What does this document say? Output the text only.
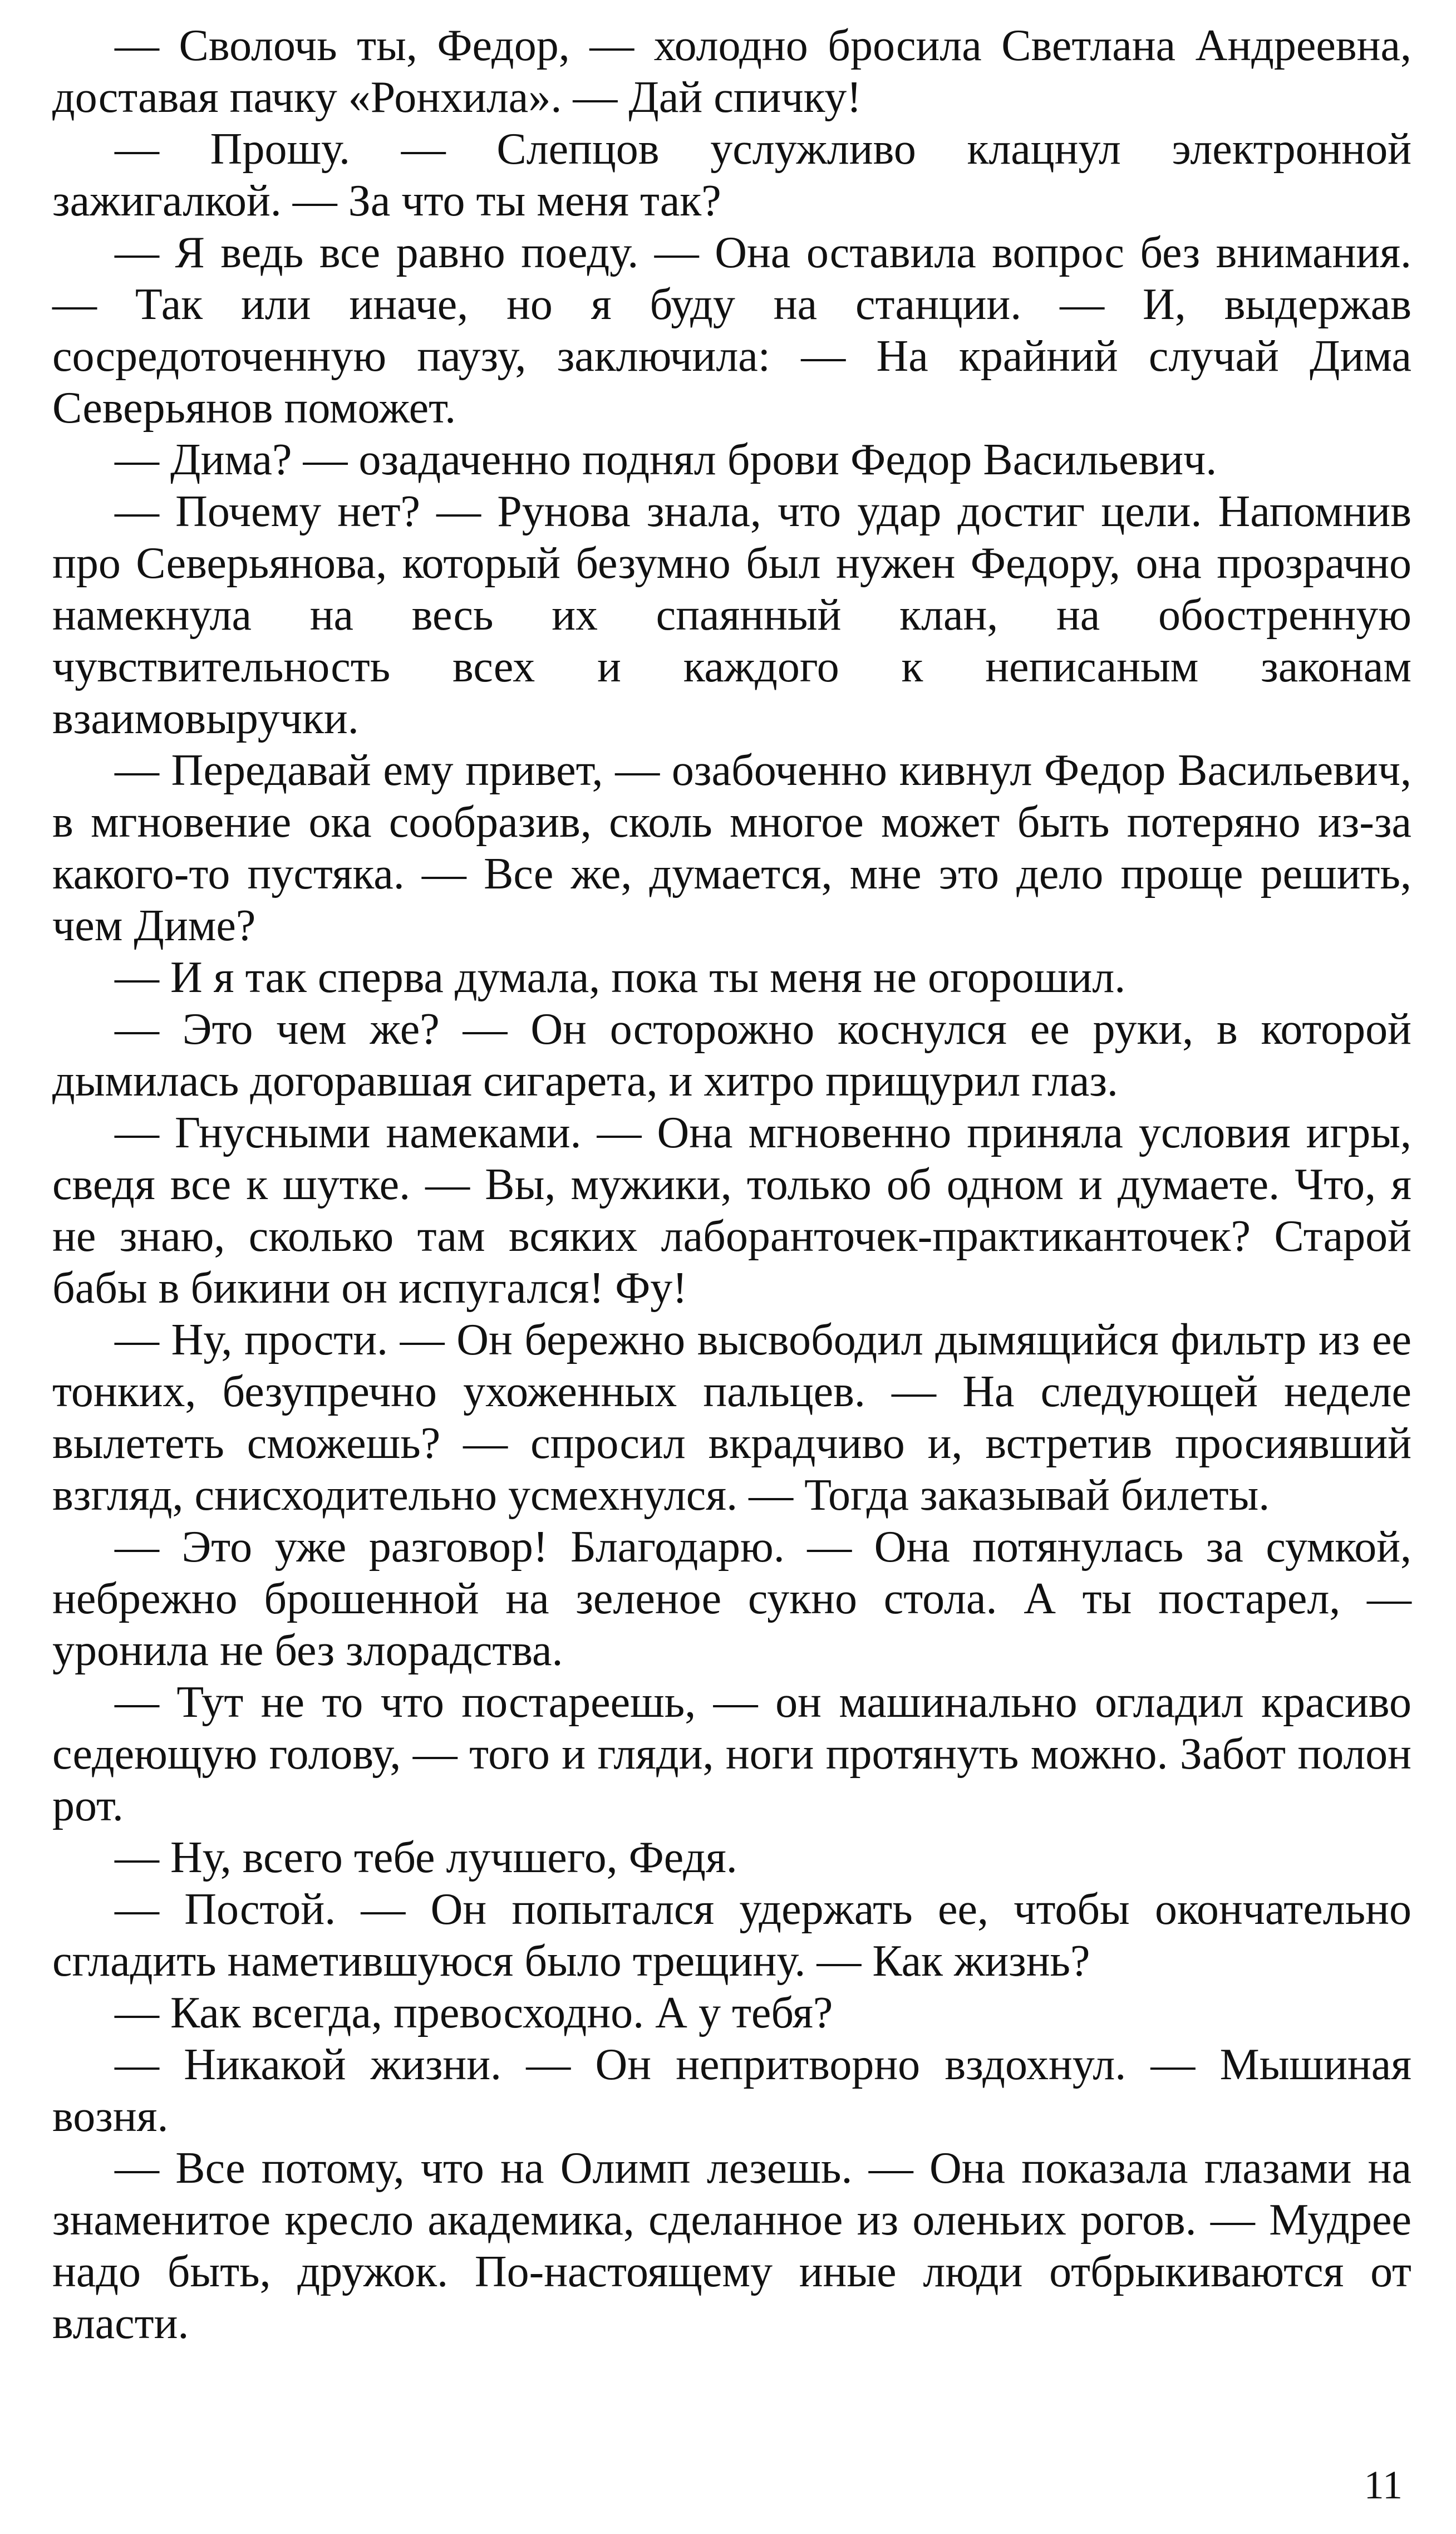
— Сволочь ты, Федор, — холодно бросила Светлана Андреевна, доставая пачку «Ронхила». — Дай спичку!

— Прошу. — Слепцов услужливо клацнул электронной зажигалкой. — За что ты меня так?

— Я ведь все равно поеду. — Она оставила вопрос без внимания. — Так или иначе, но я буду на станции. — И, выдержав сосредоточенную паузу, заключила: — На крайний случай Дима Северьянов поможет.

— Дима? — озадаченно поднял брови Федор Васильевич.

— Почему нет? — Рунова знала, что удар достиг цели. Напомнив про Северьянова, который безумно был нужен Федору, она прозрачно намекнула на весь их спаянный клан, на обостренную чувствительность всех и каждого к неписаным законам взаимовыручки.

— Передавай ему привет, — озабоченно кивнул Федор Васильевич, в мгновение ока сообразив, сколь многое может быть потеряно из-за какого-то пустяка. — Все же, думается, мне это дело проще решить, чем Диме?

— И я так сперва думала, пока ты меня не огорошил.

— Это чем же? — Он осторожно коснулся ее руки, в которой дымилась догоравшая сигарета, и хитро прищурил глаз.

— Гнусными намеками. — Она мгновенно приняла условия игры, сведя все к шутке. — Вы, мужики, только об одном и думаете. Что, я не знаю, сколько там всяких лаборанточек-практиканточек? Старой бабы в бикини он испугался! Фу!

— Ну, прости. — Он бережно высвободил дымящийся фильтр из ее тонких, безупречно ухоженных пальцев. — На следующей неделе вылететь сможешь? — спросил вкрадчиво и, встретив просиявший взгляд, снисходительно усмехнулся. — Тогда заказывай билеты.

— Это уже разговор! Благодарю. — Она потянулась за сумкой, небрежно брошенной на зеленое сукно стола. А ты постарел, — уронила не без злорадства.

— Тут не то что постареешь, — он машинально огладил красиво седеющую голову, — того и гляди, ноги протянуть можно. Забот полон рот.

— Ну, всего тебе лучшего, Федя.

— Постой. — Он попытался удержать ее, чтобы окончательно сгладить наметившуюся было трещину. — Как жизнь?

— Как всегда, превосходно. А у тебя?

— Никакой жизни. — Он непритворно вздохнул. — Мышиная возня.

— Все потому, что на Олимп лезешь. — Она показала глазами на знаменитое кресло академика, сделанное из оленьих рогов. — Мудрее надо быть, дружок. По-настоящему иные люди отбрыкиваются от власти.

11
